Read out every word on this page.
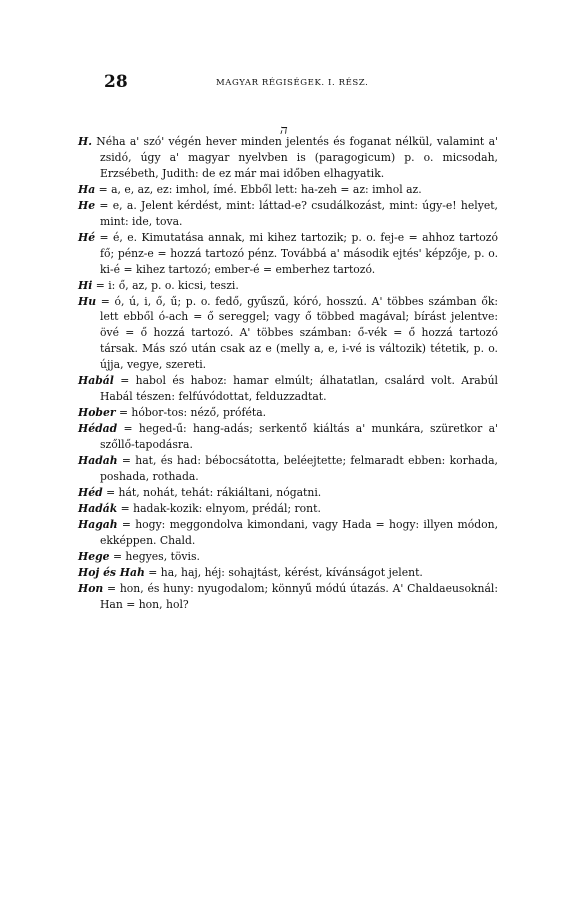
28	MAGYAR RÉGISÉGEK. I. RÉSZ.
ה

H. Néha a' szó' végén hever minden jelentés és foganat nélkül, valamint a' zsidó, úgy a' magyar nyelvben is (paragogicum) p. o. micsodah, Erzsébeth, Judith: de ez már mai időben elhagyatik.

Ha = a, e, az, ez: imhol, ímé. Ebből lett: ha-zeh = az: imhol az.

He = e, a. Jelent kérdést, mint: láttad-e? csudálkozást, mint: úgy-e! helyet, mint: ide, tova.

Hé = é, e. Kimutatása annak, mi kihez tartozik; p. o. fej-e = ahhoz tartozó fő; pénz-e = hozzá tartozó pénz. Továbbá a' második ejtés' képzője, p. o. ki-é = kihez tartozó; ember-é = emberhez tartozó.

Hi = i: ő, az, p. o. kicsi, teszi.

Hu = ó, ú, i, ő, ű; p. o. fedő, gyűszű, kóró, hosszú. A' többes számban ők: lett ebből ó-ach = ő sereggel; vagy ő többed magával; bírást jelentve: övé = ő hozzá tartozó. A' többes számban: ő-vék = ő hozzá tartozó társak. Más szó után csak az e (melly a, e, i-vé is változik) tétetik, p. o. újja, vegye, szereti.

Habál = habol és haboz: hamar elmúlt; álhatatlan, csalárd volt. Arabúl Habál tészen: felfúvódottat, felduzzadtat.

Hober = hóbor-tos: néző, próféta.

Hédad = heged-ű: hang-adás; serkentő kiáltás a' munkára, szüretkor a' szőllő-tapodásra.

Hadah = hat, és had: bébocsátotta, beléejtette; felmaradt ebben: korhada, poshada, rothada.

Héd = hát, nohát, tehát: rákiáltani, nógatni.

Hadák = hadak-kozik: elnyom, prédál; ront.

Hagah = hogy: meggondolva kimondani, vagy Hada = hogy: illyen módon, ekképpen. Chald.

Hege = hegyes, tövis.

Hoj és Hah = ha, haj, héj: sohajtást, kérést, kívánságot jelent.

Hon = hon, és huny: nyugodalom; könnyű módú útazás. A' Chaldaeusoknál: Han = hon, hol?
